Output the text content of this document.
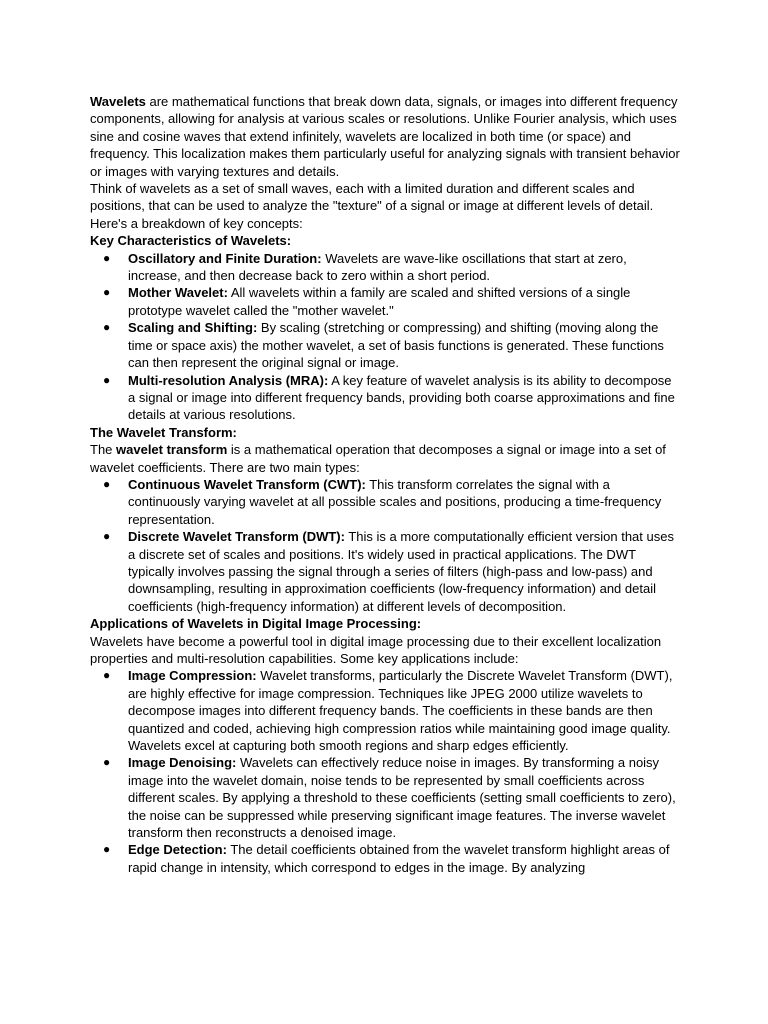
Wavelets are mathematical functions that break down data, signals, or images into different frequency components, allowing for analysis at various scales or resolutions. Unlike Fourier analysis, which uses sine and cosine waves that extend infinitely, wavelets are localized in both time (or space) and frequency. This localization makes them particularly useful for analyzing signals with transient behavior or images with varying textures and details.

Think of wavelets as a set of small waves, each with a limited duration and different scales and positions, that can be used to analyze the "texture" of a signal or image at different levels of detail.

Here's a breakdown of key concepts:

Key Characteristics of Wavelets:

● Oscillatory and Finite Duration: Wavelets are wave-like oscillations that start at zero, increase, and then decrease back to zero within a short period.
● Mother Wavelet: All wavelets within a family are scaled and shifted versions of a single prototype wavelet called the "mother wavelet."
● Scaling and Shifting: By scaling (stretching or compressing) and shifting (moving along the time or space axis) the mother wavelet, a set of basis functions is generated. These functions can then represent the original signal or image.
● Multi-resolution Analysis (MRA): A key feature of wavelet analysis is its ability to decompose a signal or image into different frequency bands, providing both coarse approximations and fine details at various resolutions.

The Wavelet Transform:

The wavelet transform is a mathematical operation that decomposes a signal or image into a set of wavelet coefficients. There are two main types:

● Continuous Wavelet Transform (CWT): This transform correlates the signal with a continuously varying wavelet at all possible scales and positions, producing a time-frequency representation.
● Discrete Wavelet Transform (DWT): This is a more computationally efficient version that uses a discrete set of scales and positions. It's widely used in practical applications. The DWT typically involves passing the signal through a series of filters (high-pass and low-pass) and downsampling, resulting in approximation coefficients (low-frequency information) and detail coefficients (high-frequency information) at different levels of decomposition.

Applications of Wavelets in Digital Image Processing:

Wavelets have become a powerful tool in digital image processing due to their excellent localization properties and multi-resolution capabilities. Some key applications include:

● Image Compression: Wavelet transforms, particularly the Discrete Wavelet Transform (DWT), are highly effective for image compression. Techniques like JPEG 2000 utilize wavelets to decompose images into different frequency bands. The coefficients in these bands are then quantized and coded, achieving high compression ratios while maintaining good image quality. Wavelets excel at capturing both smooth regions and sharp edges efficiently.
● Image Denoising: Wavelets can effectively reduce noise in images. By transforming a noisy image into the wavelet domain, noise tends to be represented by small coefficients across different scales. By applying a threshold to these coefficients (setting small coefficients to zero), the noise can be suppressed while preserving significant image features. The inverse wavelet transform then reconstructs a denoised image.
● Edge Detection: The detail coefficients obtained from the wavelet transform highlight areas of rapid change in intensity, which correspond to edges in the image. By analyzing
